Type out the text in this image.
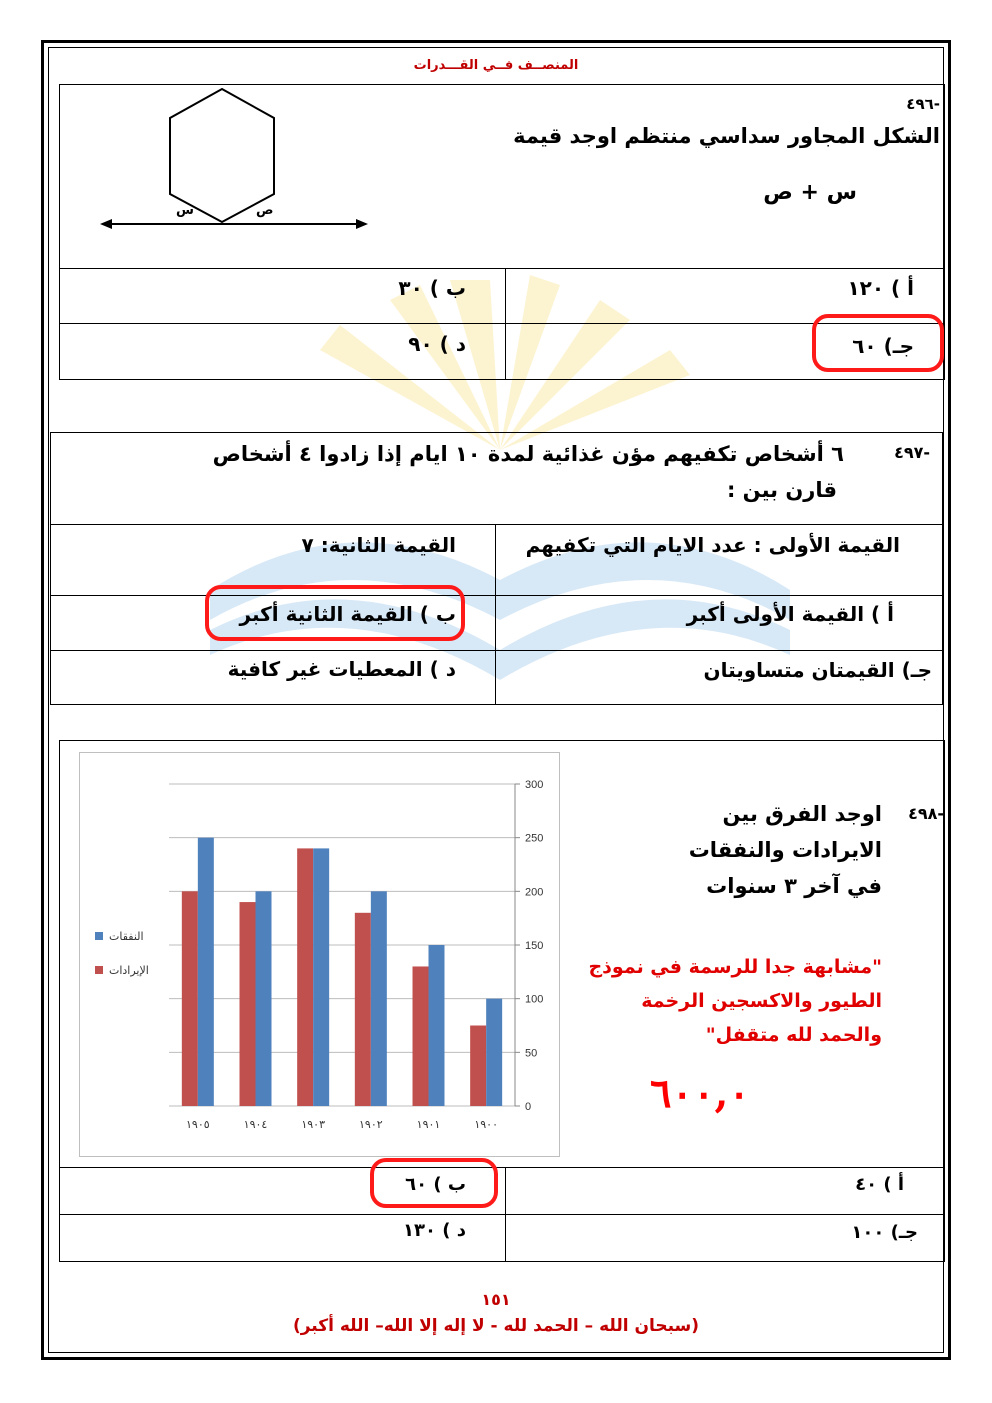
المنصــف فــي القـــدرات
-٤٩٦
الشكل المجاور سداسي منتظم اوجد قيمة
س + ص
س	ص
أ ) ١٢٠
ب ) ٣٠
جـ) ٦٠
د ) ٩٠
-٤٩٧
٦ أشخاص تكفيهم مؤن غذائية لمدة ١٠ ايام إذا زادوا ٤ أشخاص
قارن بين :
القيمة الأولى : عدد الايام التي تكفيهم
القيمة الثانية: ٧
أ ) القيمة الأولى أكبر
ب ) القيمة الثانية أكبر
جـ) القيمتان متساويتان
د ) المعطيات غير كافية
-٤٩٨
اوجد الفرق بين
الايرادات والنفقات
في آخر ٣ سنوات
"مشابهة جدا للرسمة في نموذج
الطيور والاكسجين الرخمة
والحمد لله متقفل"
٦٠٠,٠
0
50
100
150
200
250
300
١٩٠٥	١٩٠٤	١٩٠٣	١٩٠٢	١٩٠١	١٩٠٠
النفقات
الإيرادات
أ ) ٤٠
ب ) ٦٠
جـ) ١٠٠
د ) ١٣٠
١٥١
(سبحان الله – الحمد لله - لا إله إلا الله– الله أكبر)
